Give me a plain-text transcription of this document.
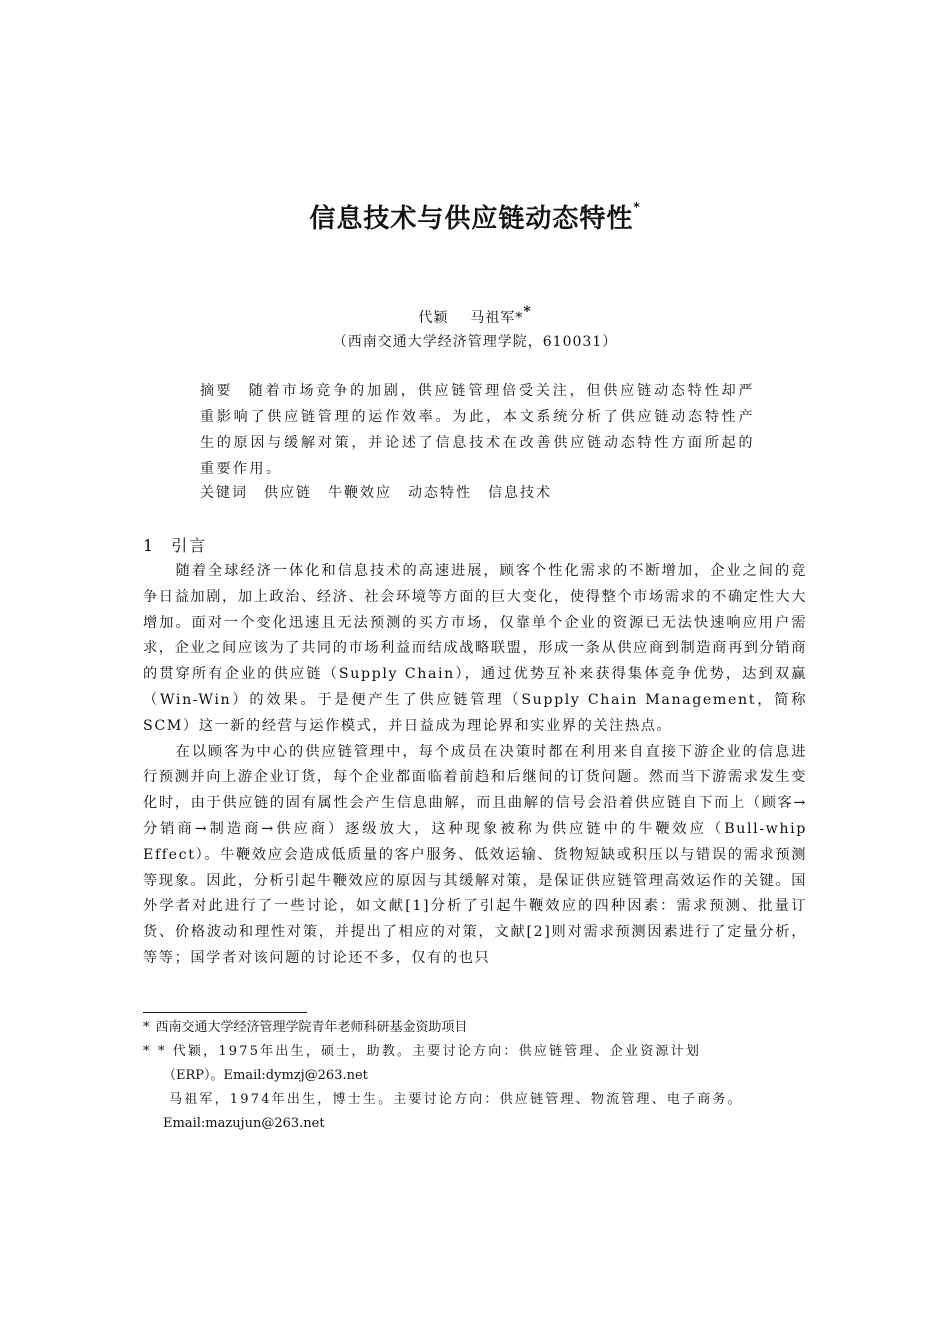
信息技术与供应链动态特性*
代颖 马祖军**
（西南交通大学经济管理学院，610031）
摘要 随着市场竞争的加剧，供应链管理倍受关注，但供应链动态特性却严重影响了供应链管理的运作效率。为此，本文系统分析了供应链动态特性产生的原因与缓解对策，并论述了信息技术在改善供应链动态特性方面所起的重要作用。
关键词 供应链 牛鞭效应 动态特性 信息技术
1 引言

随着全球经济一体化和信息技术的高速进展，顾客个性化需求的不断增加，企业之间的竞争日益加剧，加上政治、经济、社会环境等方面的巨大变化，使得整个市场需求的不确定性大大增加。面对一个变化迅速且无法预测的买方市场，仅靠单个企业的资源已无法快速响应用户需求，企业之间应该为了共同的市场利益而结成战略联盟，形成一条从供应商到制造商再到分销商的贯穿所有企业的供应链（Supply Chain），通过优势互补来获得集体竞争优势，达到双赢（Win-Win）的效果。于是便产生了供应链管理（Supply Chain Management，简称SCM）这一新的经营与运作模式，并日益成为理论界和实业界的关注热点。

在以顾客为中心的供应链管理中，每个成员在决策时都在利用来自直接下游企业的信息进行预测并向上游企业订货，每个企业都面临着前趋和后继间的订货问题。然而当下游需求发生变化时，由于供应链的固有属性会产生信息曲解，而且曲解的信号会沿着供应链自下而上（顾客→分销商→制造商→供应商）逐级放大，这种现象被称为供应链中的牛鞭效应（Bull-whip Effect）。牛鞭效应会造成低质量的客户服务、低效运输、货物短缺或积压以与错误的需求预测等现象。因此，分析引起牛鞭效应的原因与其缓解对策，是保证供应链管理高效运作的关键。国外学者对此进行了一些讨论，如文献[1]分析了引起牛鞭效应的四种因素：需求预测、批量订货、价格波动和理性对策，并提出了相应的对策，文献[2]则对需求预测因素进行了定量分析，等等；国学者对该问题的讨论还不多，仅有的也只

* 西南交通大学经济管理学院青年老师科研基金资助项目

* * 代颖，1975年出生，硕士，助教。主要讨论方向：供应链管理、企业资源计划

（ERP）。Email:dymzj@263.net

马祖军，1974年出生，博士生。主要讨论方向：供应链管理、物流管理、电子商务。

Email:mazujun@263.net
